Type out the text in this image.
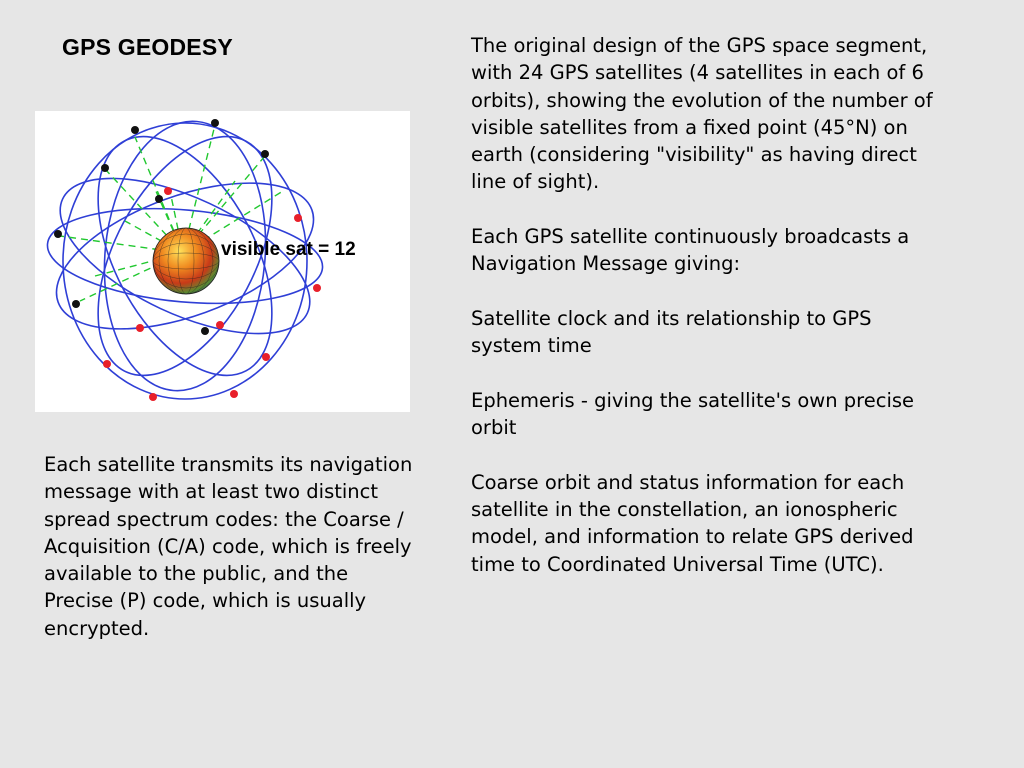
GPS GEODESY
visible sat = 12

Each satellite transmits its navigation message with at least two distinct spread spectrum codes: the Coarse / Acquisition (C/A) code, which is freely available to the public, and the Precise (P) code, which is usually encrypted.

The original design of the GPS space segment, with 24 GPS satellites (4 satellites in each of 6 orbits), showing the evolution of the number of visible satellites from a fixed point (45°N) on earth (considering "visibility" as having direct line of sight).

Each GPS satellite continuously broadcasts a Navigation Message giving:

Satellite clock and its relationship to GPS system time

Ephemeris - giving the satellite's own precise orbit

Coarse orbit and status information for each satellite in the constellation, an ionospheric model, and information to relate GPS derived time to Coordinated Universal Time (UTC).
